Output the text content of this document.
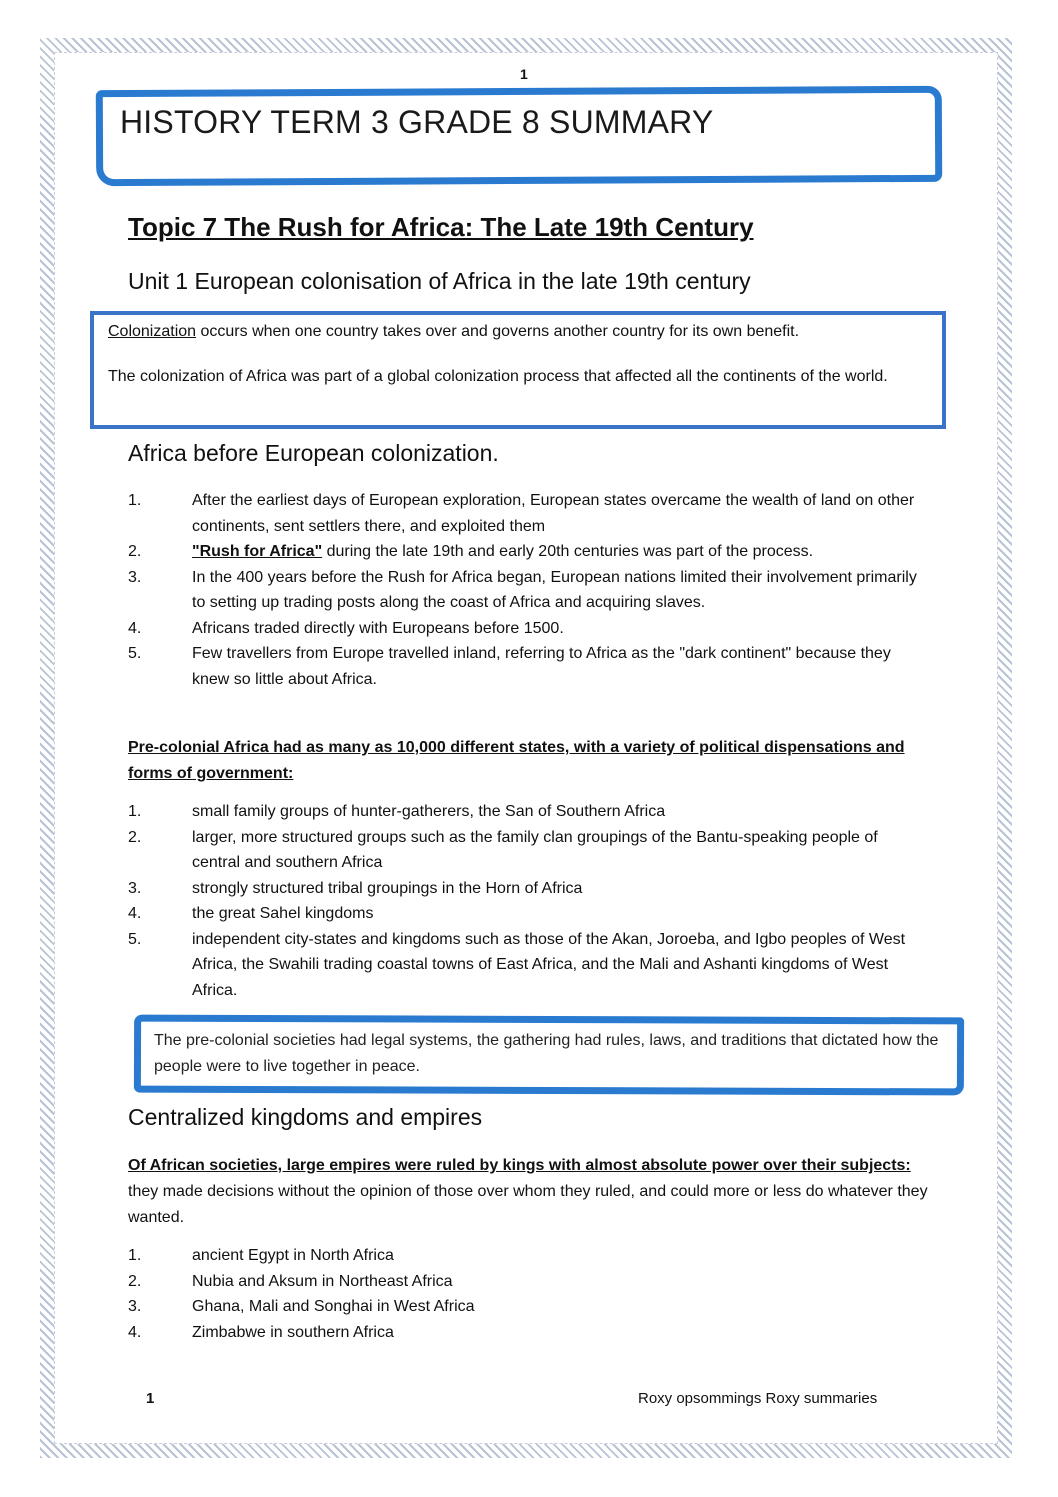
1
HISTORY TERM 3 GRADE 8 SUMMARY
Topic 7 The Rush for Africa: The Late 19th Century
Unit 1 European colonisation of Africa in the late 19th century
Colonization occurs when one country takes over and governs another country for its own benefit.
The colonization of Africa was part of a global colonization process that affected all the continents of the world.
Africa before European colonization.
1.	After the earliest days of European exploration, European states overcame the wealth of land on other continents, sent settlers there, and exploited them
2.	"Rush for Africa" during the late 19th and early 20th centuries was part of the process.
3.	In the 400 years before the Rush for Africa began, European nations limited their involvement primarily to setting up trading posts along the coast of Africa and acquiring slaves.
4.	Africans traded directly with Europeans before 1500.
5.	Few travellers from Europe travelled inland, referring to Africa as the "dark continent" because they knew so little about Africa.
Pre-colonial Africa had as many as 10,000 different states, with a variety of political dispensations and forms of government:
1.	small family groups of hunter-gatherers, the San of Southern Africa
2.	larger, more structured groups such as the family clan groupings of the Bantu-speaking people of central and southern Africa
3.	strongly structured tribal groupings in the Horn of Africa
4.	the great Sahel kingdoms
5.	independent city-states and kingdoms such as those of the Akan, Joroeba, and Igbo peoples of West Africa, the Swahili trading coastal towns of East Africa, and the Mali and Ashanti kingdoms of West Africa.
The pre-colonial societies had legal systems, the gathering had rules, laws, and traditions that dictated how the people were to live together in peace.
Centralized kingdoms and empires
Of African societies, large empires were ruled by kings with almost absolute power over their subjects: they made decisions without the opinion of those over whom they ruled, and could more or less do whatever they wanted.
1.	ancient Egypt in North Africa
2.	Nubia and Aksum in Northeast Africa
3.	Ghana, Mali and Songhai in West Africa
4.	Zimbabwe in southern Africa
1	Roxy opsommings Roxy summaries
